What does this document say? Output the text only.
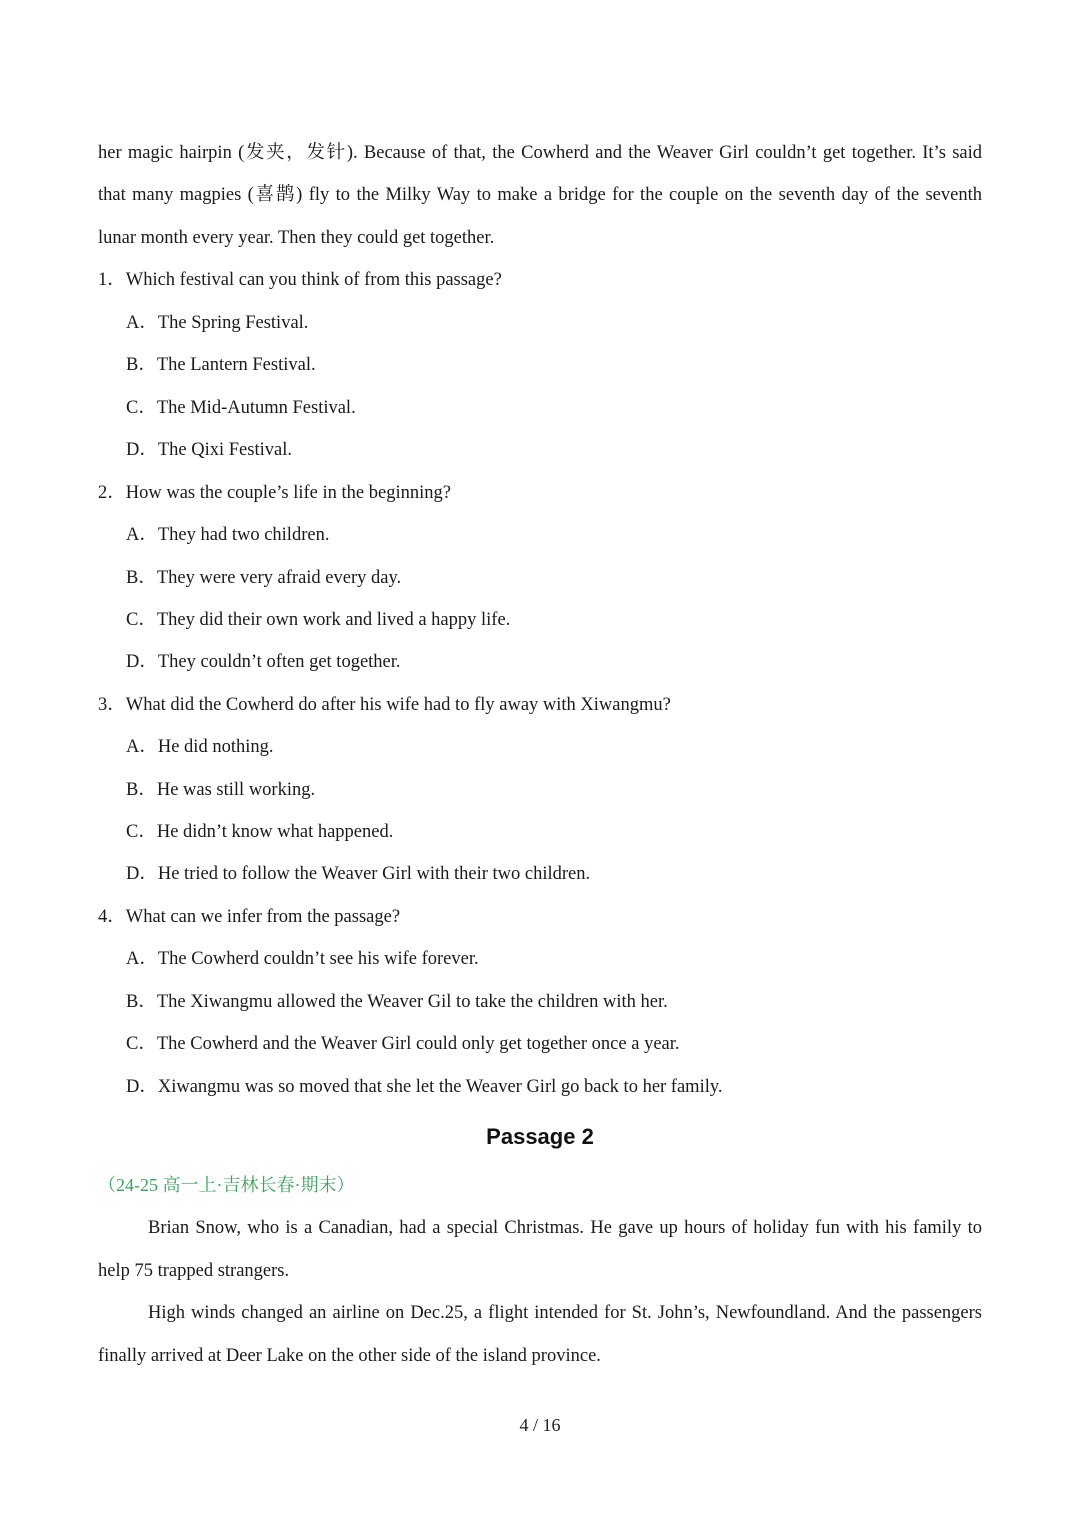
her magic hairpin (发夹，发针). Because of that, the Cowherd and the Weaver Girl couldn’t get together. It’s said
that many magpies (喜鹊) fly to the Milky Way to make a bridge for the couple on the seventh day of the seventh
lunar month every year. Then they could get together.
1．Which festival can you think of from this passage?
A．The Spring Festival.
B．The Lantern Festival.
C．The Mid-Autumn Festival.
D．The Qixi Festival.
2．How was the couple’s life in the beginning?
A．They had two children.
B．They were very afraid every day.
C．They did their own work and lived a happy life.
D．They couldn’t often get together.
3．What did the Cowherd do after his wife had to fly away with Xiwangmu?
A．He did nothing.
B．He was still working.
C．He didn’t know what happened.
D．He tried to follow the Weaver Girl with their two children.
4．What can we infer from the passage?
A．The Cowherd couldn’t see his wife forever.
B．The Xiwangmu allowed the Weaver Gil to take the children with her.
C．The Cowherd and the Weaver Girl could only get together once a year.
D．Xiwangmu was so moved that she let the Weaver Girl go back to her family.
Passage 2
（24-25 高一上·吉林长春·期末）
Brian Snow, who is a Canadian, had a special Christmas. He gave up hours of holiday fun with his family to
help 75 trapped strangers.
High winds changed an airline on Dec.25, a flight intended for St. John’s, Newfoundland. And the passengers
finally arrived at Deer Lake on the other side of the island province.
4 / 16
